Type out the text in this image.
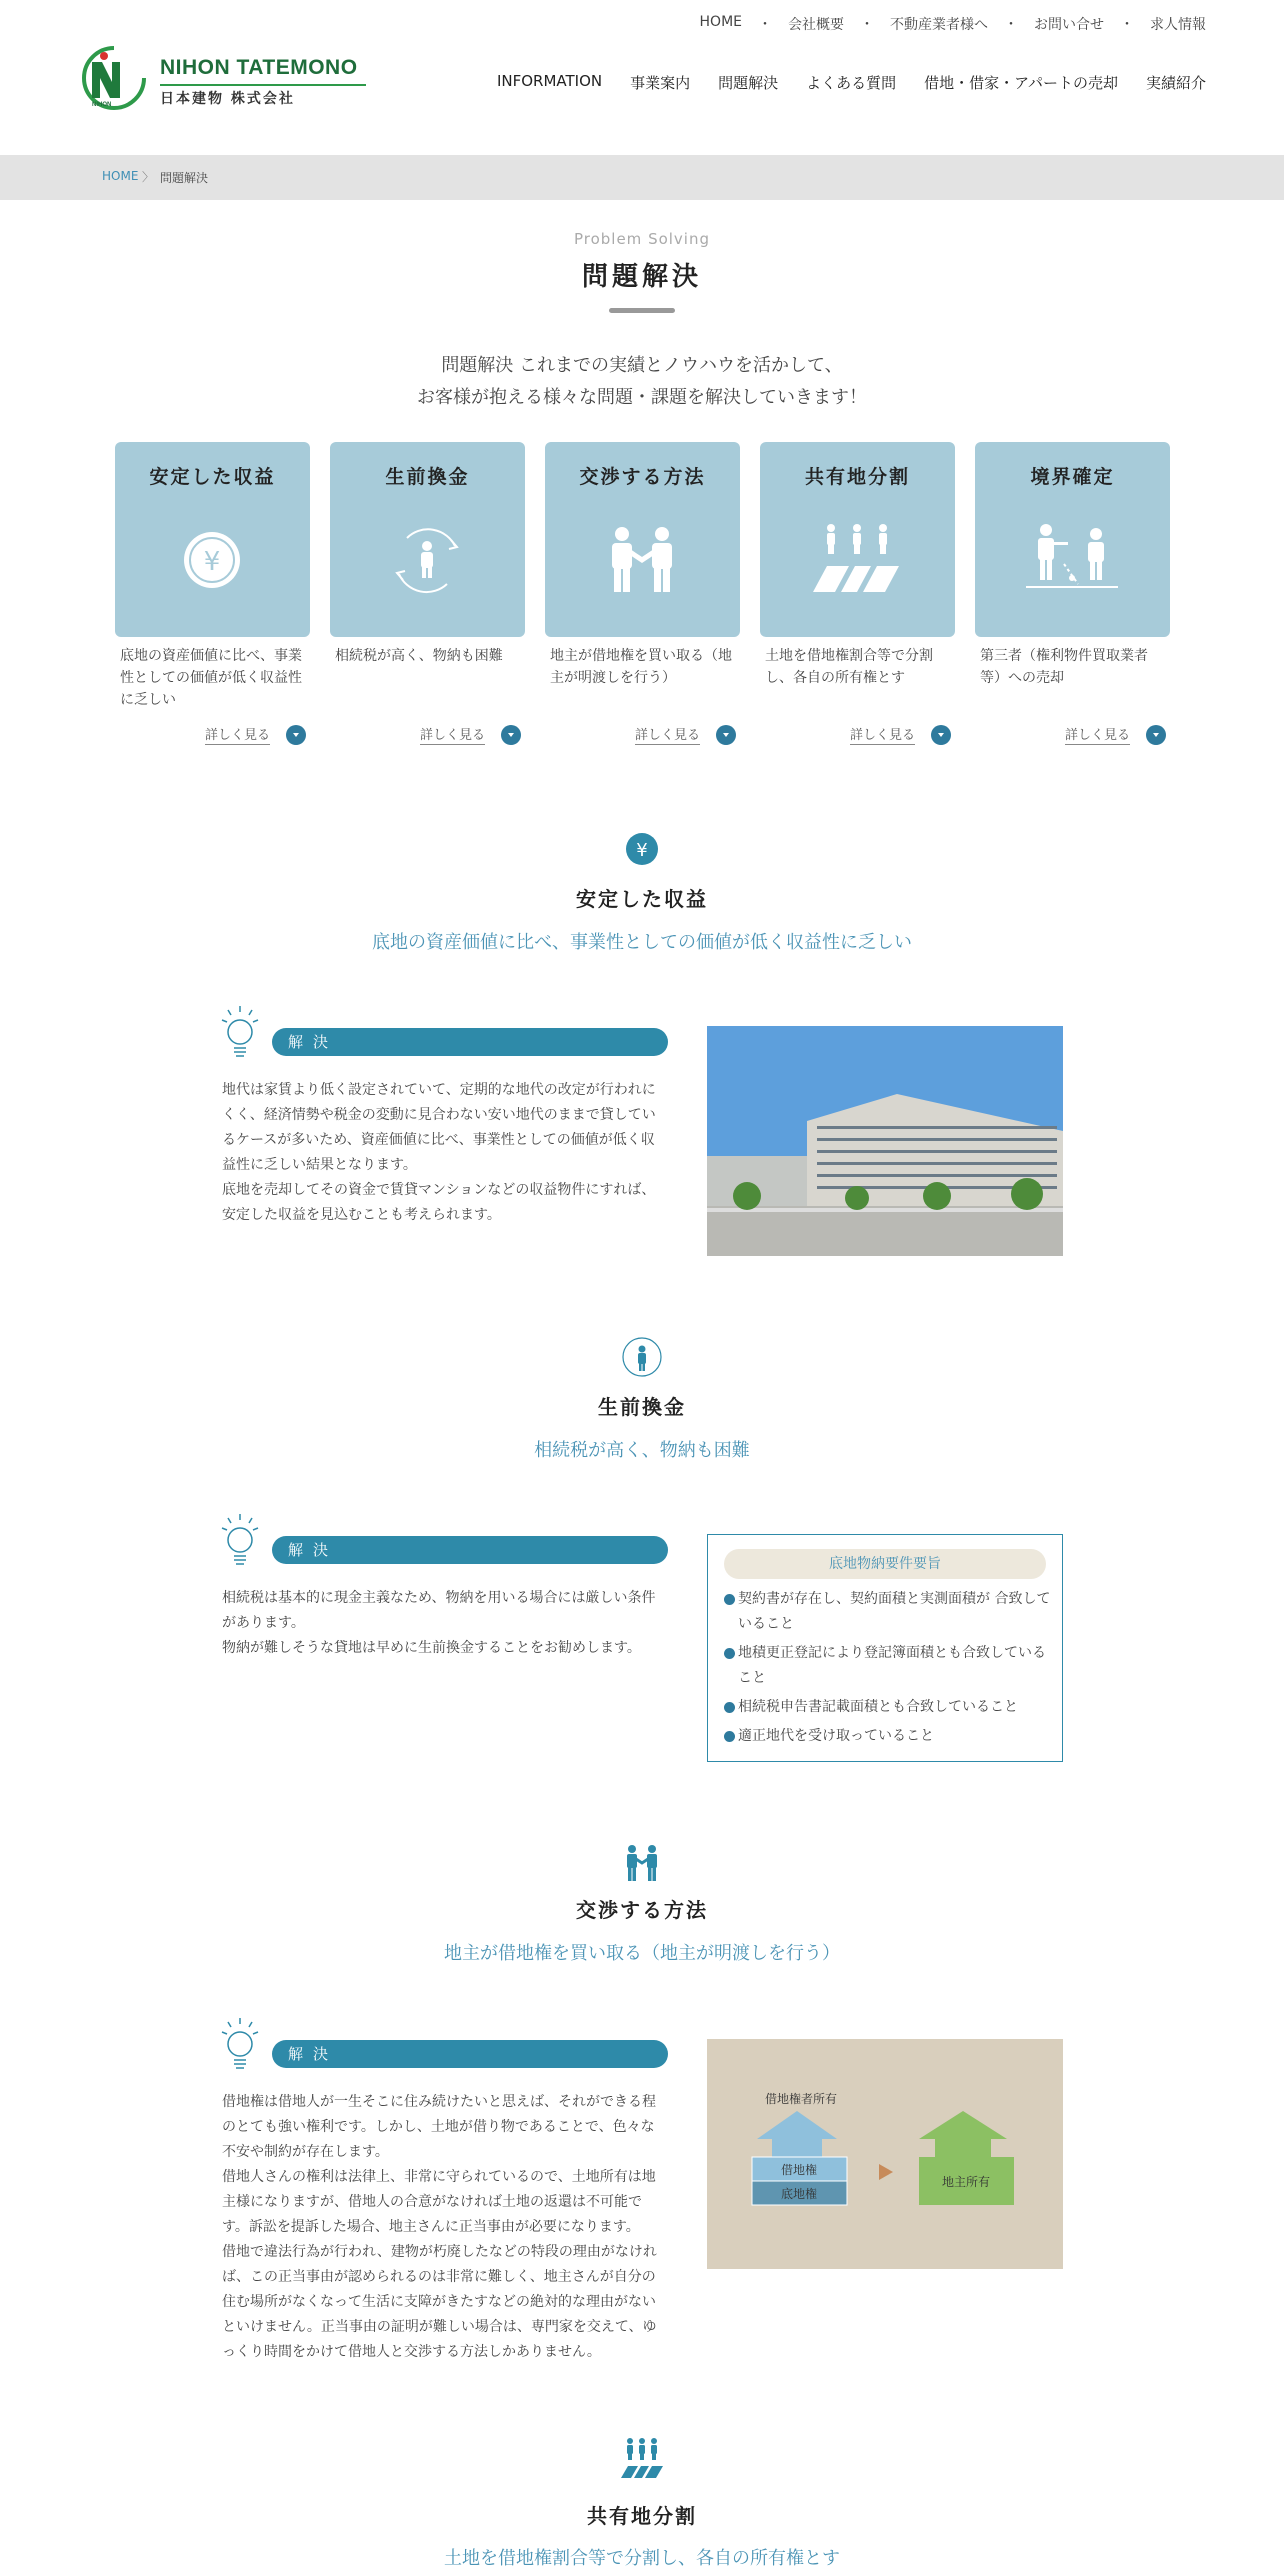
NIHON
NIHON TATEMONO
日本建物 株式会社
HOME ・ 会社概要 ・ 不動産業者様へ ・ お問い合せ ・ 求人情報
INFORMATION 事業案内 問題解決 よくある質問 借地・借家・アパートの売却 実績紹介
HOME 〉 問題解決
Problem Solving
問題解決
問題解決 これまでの実績とノウハウを活かして、
お客様が抱える様々な問題・課題を解決していきます！
安定した収益
¥
底地の資産価値に比べ、事業性としての価値が低く収益性に乏しい
詳しく見る
生前換金
相続税が高く、物納も困難
詳しく見る
交渉する方法
地主が借地権を買い取る（地主が明渡しを行う）
詳しく見る
共有地分割
土地を借地権割合等で分割し、各自の所有権とす
詳しく見る
境界確定
第三者（権利物件買取業者等）への売却
詳しく見る
¥
安定した収益
底地の資産価値に比べ、事業性としての価値が低く収益性に乏しい
解決
地代は家賃より低く設定されていて、定期的な地代の改定が行われにくく、経済情勢や税金の変動に見合わない安い地代のままで貸しているケースが多いため、資産価値に比べ、事業性としての価値が低く収益性に乏しい結果となります。
底地を売却してその資金で賃貸マンションなどの収益物件にすれば、安定した収益を見込むことも考えられます。
生前換金
相続税が高く、物納も困難
解決
相続税は基本的に現金主義なため、物納を用いる場合には厳しい条件があります。
物納が難しそうな貸地は早めに生前換金することをお勧めします。
底地物納要件要旨
契約書が存在し、契約面積と実測面積が 合致していること
地積更正登記により登記簿面積とも合致していること
相続税申告書記載面積とも合致していること
適正地代を受け取っていること
交渉する方法
地主が借地権を買い取る（地主が明渡しを行う）
解決
借地権は借地人が一生そこに住み続けたいと思えば、それができる程のとても強い権利です。しかし、土地が借り物であることで、色々な不安や制約が存在します。
借地人さんの権利は法律上、非常に守られているので、土地所有は地主様になりますが、借地人の合意がなければ土地の返還は不可能です。訴訟を提訴した場合、地主さんに正当事由が必要になります。
借地で違法行為が行われ、建物が朽廃したなどの特段の理由がなければ、この正当事由が認められるのは非常に難しく、地主さんが自分の住む場所がなくなって生活に支障がきたすなどの絶対的な理由がないといけません。正当事由の証明が難しい場合は、専門家を交えて、ゆっくり時間をかけて借地人と交渉する方法しかありません。
借地権者所有
借地権
底地権
地主所有
共有地分割
土地を借地権割合等で分割し、各自の所有権とす
